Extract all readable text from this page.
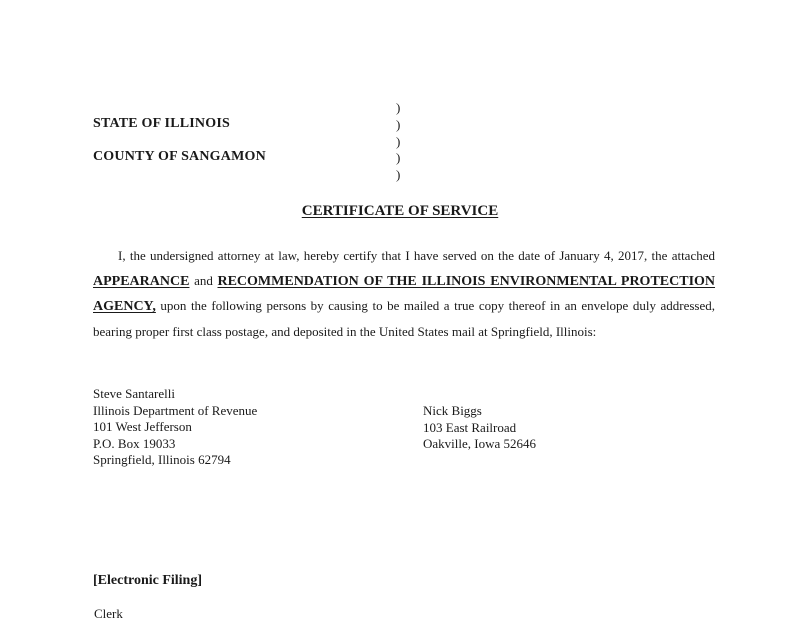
STATE OF ILLINOIS
COUNTY OF SANGAMON
)
)
)
)
)
CERTIFICATE OF SERVICE
I, the undersigned attorney at law, hereby certify that I have served on the date of January 4, 2017, the attached APPEARANCE and RECOMMENDATION OF THE ILLINOIS ENVIRONMENTAL PROTECTION AGENCY, upon the following persons by causing to be mailed a true copy thereof in an envelope duly addressed, bearing proper first class postage, and deposited in the United States mail at Springfield, Illinois:
Steve Santarelli
Illinois Department of Revenue
101 West Jefferson
P.O. Box 19033
Springfield, Illinois 62794
Nick Biggs
103 East Railroad
Oakville, Iowa 52646
[Electronic Filing]
Clerk
